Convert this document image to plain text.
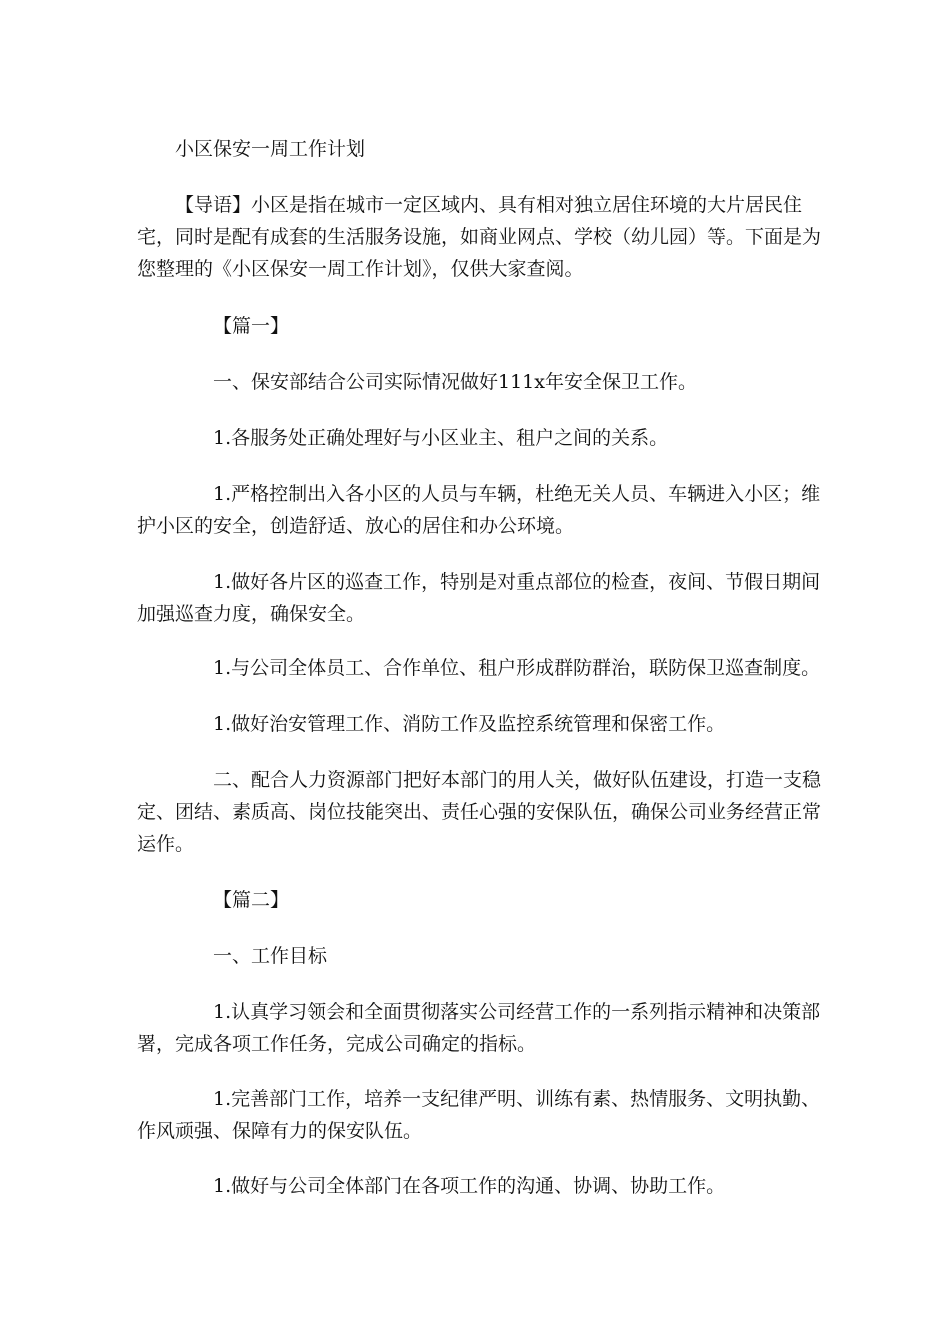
小区保安一周工作计划

【导语】小区是指在城市一定区域内、具有相对独立居住环境的大片居民住宅，同时是配有成套的生活服务设施，如商业网点、学校（幼儿园）等。下面是为您整理的《小区保安一周工作计划》，仅供大家查阅。

【篇一】

一、保安部结合公司实际情况做好111x年安全保卫工作。

1.各服务处正确处理好与小区业主、租户之间的关系。

1.严格控制出入各小区的人员与车辆，杜绝无关人员、车辆进入小区；维护小区的安全，创造舒适、放心的居住和办公环境。

1.做好各片区的巡查工作，特别是对重点部位的检查，夜间、节假日期间加强巡查力度，确保安全。

1.与公司全体员工、合作单位、租户形成群防群治，联防保卫巡查制度。

1.做好治安管理工作、消防工作及监控系统管理和保密工作。

二、配合人力资源部门把好本部门的用人关，做好队伍建设，打造一支稳定、团结、素质高、岗位技能突出、责任心强的安保队伍，确保公司业务经营正常运作。

【篇二】

一、工作目标

1.认真学习领会和全面贯彻落实公司经营工作的一系列指示精神和决策部署，完成各项工作任务，完成公司确定的指标。

1.完善部门工作，培养一支纪律严明、训练有素、热情服务、文明执勤、作风顽强、保障有力的保安队伍。

1.做好与公司全体部门在各项工作的沟通、协调、协助工作。
